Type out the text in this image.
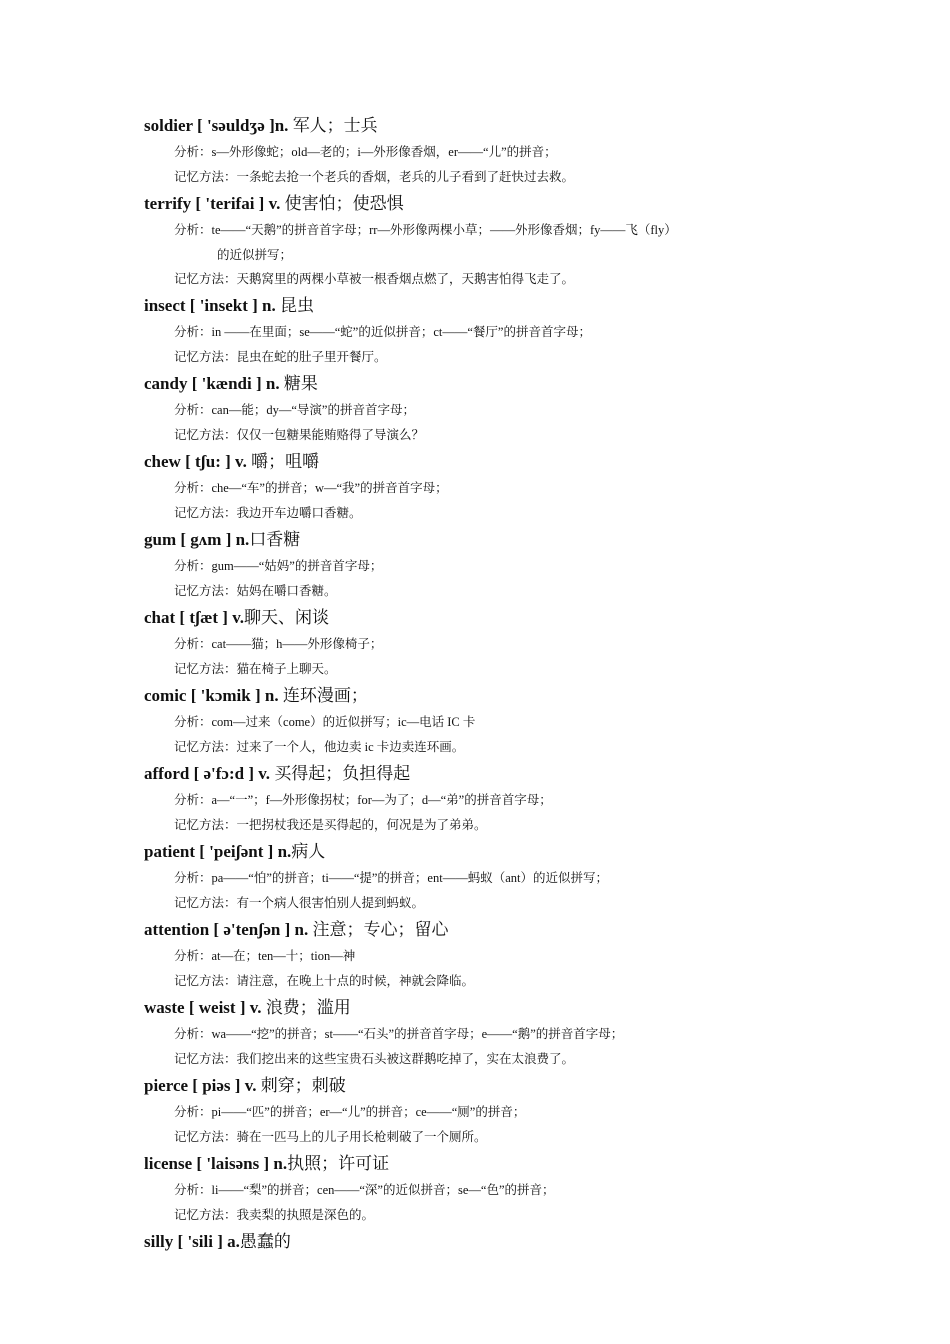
soldier [ 'səuldʒə ]n. 军人；士兵
分析：s—外形像蛇；old—老的；i—外形像香烟，er——“儿”的拼音；
记忆方法：一条蛇去抢一个老兵的香烟，老兵的儿子看到了赶快过去救。
terrify [ 'terifai ] v. 使害怕；使恐惧
分析：te——“天鹅”的拼音首字母；rr—外形像两棵小草；——外形像香烟；fy——飞（fly）
的近似拼写；
记忆方法：天鹅窝里的两棵小草被一根香烟点燃了，天鹅害怕得飞走了。
insect [ 'insekt ] n. 昆虫
分析：in ——在里面；se——“蛇”的近似拼音；ct——“餐厅”的拼音首字母；
记忆方法：昆虫在蛇的肚子里开餐厅。
candy [ 'kændi ] n. 糖果
分析：can—能；dy—“导演”的拼音首字母；
记忆方法：仅仅一包糖果能贿赂得了导演么？
chew [ tʃu: ] v. 嚼；咀嚼
分析：che—“车”的拼音；w—“我”的拼音首字母；
记忆方法：我边开车边嚼口香糖。
gum [ gʌm ] n.口香糖
分析：gum——“姑妈”的拼音首字母；
记忆方法：姑妈在嚼口香糖。
chat [ tʃæt ] v.聊天、闲谈
分析：cat——猫；h——外形像椅子；
记忆方法：猫在椅子上聊天。
comic [ 'kɔmik ] n. 连环漫画；
分析：com—过来（come）的近似拼写；ic—电话 IC 卡
记忆方法：过来了一个人，他边卖 ic 卡边卖连环画。
afford [ ə'fɔ:d ] v. 买得起；负担得起
分析：a—“一”；f—外形像拐杖；for—为了；d—“弟”的拼音首字母；
记忆方法：一把拐杖我还是买得起的，何况是为了弟弟。
patient [ 'peiʃənt ] n.病人
分析：pa——“怕”的拼音；ti——“提”的拼音；ent——蚂蚁（ant）的近似拼写；
记忆方法：有一个病人很害怕别人提到蚂蚁。
attention [ ə'tenʃən ] n. 注意；专心；留心
分析：at—在；ten—十；tion—神
记忆方法：请注意，在晚上十点的时候，神就会降临。
waste [ weist ] v. 浪费；滥用
分析：wa——“挖”的拼音；st——“石头”的拼音首字母；e——“鹅”的拼音首字母；
记忆方法：我们挖出来的这些宝贵石头被这群鹅吃掉了，实在太浪费了。
pierce [ piəs ] v. 刺穿；刺破
分析：pi——“匹”的拼音；er—“儿”的拼音；ce——“厕”的拼音；
记忆方法：骑在一匹马上的儿子用长枪刺破了一个厕所。
license [ 'laisəns ] n.执照；许可证
分析：li——“梨”的拼音；cen——“深”的近似拼音；se—“色”的拼音；
记忆方法：我卖梨的执照是深色的。
silly [ 'sili ] a.愚蠢的
